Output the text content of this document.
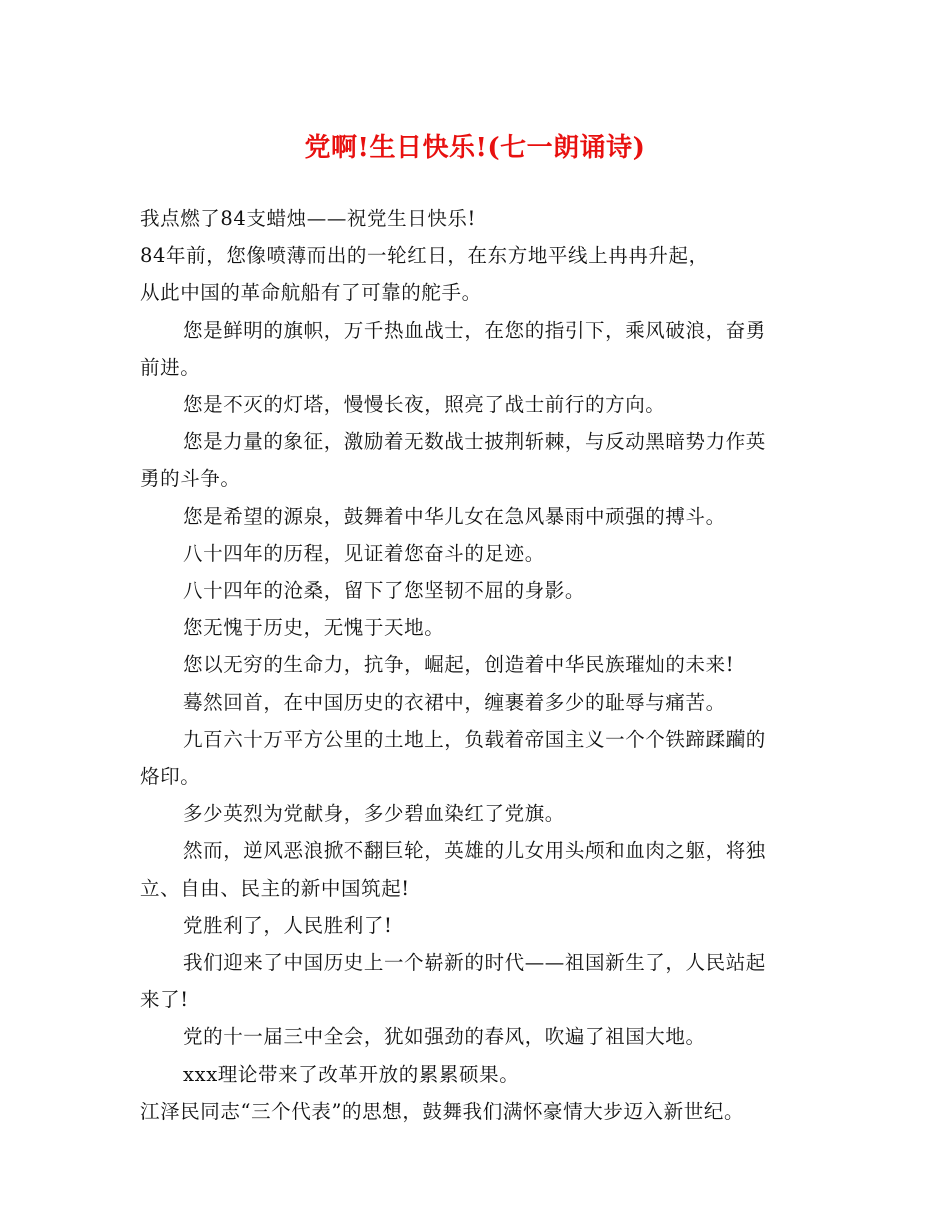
党啊!生日快乐!(七一朗诵诗)

我点燃了84支蜡烛——祝党生日快乐!

84年前，您像喷薄而出的一轮红日，在东方地平线上冉冉升起，

从此中国的革命航船有了可靠的舵手。

您是鲜明的旗帜，万千热血战士，在您的指引下，乘风破浪，奋勇
前进。

您是不灭的灯塔，慢慢长夜，照亮了战士前行的方向。

您是力量的象征，激励着无数战士披荆斩棘，与反动黑暗势力作英
勇的斗争。

您是希望的源泉，鼓舞着中华儿女在急风暴雨中顽强的搏斗。

八十四年的历程，见证着您奋斗的足迹。

八十四年的沧桑，留下了您坚韧不屈的身影。

您无愧于历史，无愧于天地。

您以无穷的生命力，抗争，崛起，创造着中华民族璀灿的未来!

蓦然回首，在中国历史的衣裙中，缠裹着多少的耻辱与痛苦。

九百六十万平方公里的土地上，负载着帝国主义一个个铁蹄蹂躏的
烙印。

多少英烈为党献身，多少碧血染红了党旗。

然而，逆风恶浪掀不翻巨轮，英雄的儿女用头颅和血肉之躯，将独
立、自由、民主的新中国筑起!

党胜利了，人民胜利了!

我们迎来了中国历史上一个崭新的时代——祖国新生了，人民站起
来了!

党的十一届三中全会，犹如强劲的春风，吹遍了祖国大地。

xxx理论带来了改革开放的累累硕果。

江泽民同志“三个代表”的思想，鼓舞我们满怀豪情大步迈入新世纪。
